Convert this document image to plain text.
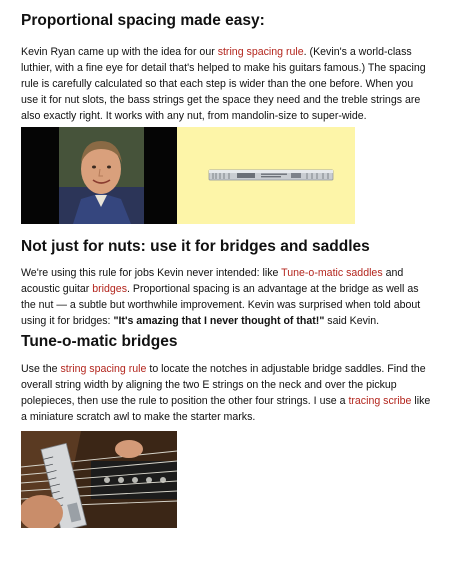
Proportional spacing made easy:

Kevin Ryan came up with the idea for our string spacing rule. (Kevin's a world-class luthier, with a fine eye for detail that's helped to make his guitars famous.) The spacing rule is carefully calculated so that each step is wider than the one before. When you use it for nut slots, the bass strings get the space they need and the treble strings are also exactly right. It works with any nut, from mandolin-size to super-wide.

Not just for nuts: use it for bridges and saddles

We're using this rule for jobs Kevin never intended: like Tune-o-matic saddles and acoustic guitar bridges. Proportional spacing is an advantage at the bridge as well as the nut — a subtle but worthwhile improvement. Kevin was surprised when told about using it for bridges: "It's amazing that I never thought of that!" said Kevin.

Tune-o-matic bridges

Use the string spacing rule to locate the notches in adjustable bridge saddles. Find the overall string width by aligning the two E strings on the neck and over the pickup polepieces, then use the rule to position the other four strings. I use a tracing scribe like a miniature scratch awl to make the starter marks.
